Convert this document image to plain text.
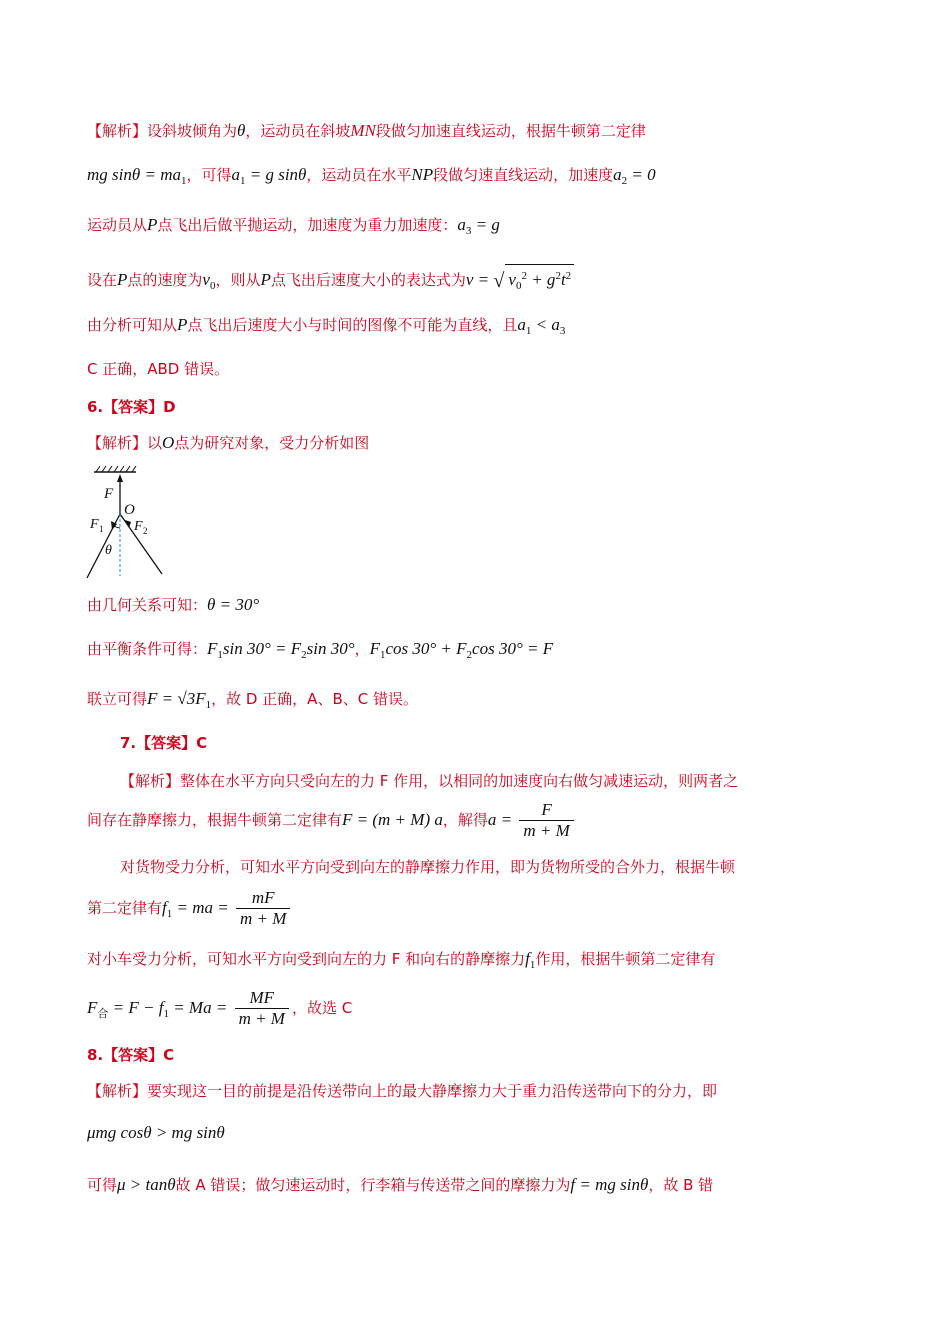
【解析】设斜坡倾角为θ，运动员在斜坡MN段做匀加速直线运动，根据牛顿第二定律
mg $\sin\theta = ma_1$，可得$a_1 = g$ sinθ，运动员在水平NP段做匀速直线运动，加速度$a_2 = 0$
运动员从P点飞出后做平抛运动，加速度为重力加速度：$a_3 = g$
设在P点的速度为$v_0$，则从P点飞出后速度大小的表达式为v = √ $v_0^2 + g^2t^2$
由分析可知从P点飞出后速度大小与时间的图像不可能为直线，且$a_1 < a_3$
C 正确，ABD 错误。
6.【答案】D
【解析】以O点为研究对象，受力分析如图
F
O
F 1 F 2
θ
由几何关系可知：θ = 30°
由平衡条件可得：$F_1\sin$ $30^\circ = F_2\sin$ 30°，$F_1\cos$ $30^\circ + F_2\cos$ 30° = F
联立可得$F = √3F_1$，故 D 正确，A、B、C 错误。
7.【答案】C
【解析】整体在水平方向只受向左的力 F 作用，以相同的加速度向右做匀减速运动，则两者之
间存在静摩擦力，根据牛顿第二定律有F = (m + M) a，解得$a = \frac{F}{m + M}$
对货物受力分析，可知水平方向受到向左的静摩擦力作用，即为货物所受的合外力，根据牛顿
第二定律有$f_1$ = ma = $\frac{mF}{m + M}$
对小车受力分析，可知水平方向受到向左的力 F 和向右的静摩擦力$f_1$作用，根据牛顿第二定律有
$F_合 = F - f_1 = Ma = \frac{MF}{m + M}$ ，故选 C
8.【答案】C
【解析】要实现这一目的前提是沿传送带向上的最大静摩擦力大于重力沿传送带向下的分力，即
μmg cosθ > mg sinθ
可得μ > tanθ故 A 错误；做匀速运动时，行李箱与传送带之间的摩擦力为f = mg sinθ，故 B 错
